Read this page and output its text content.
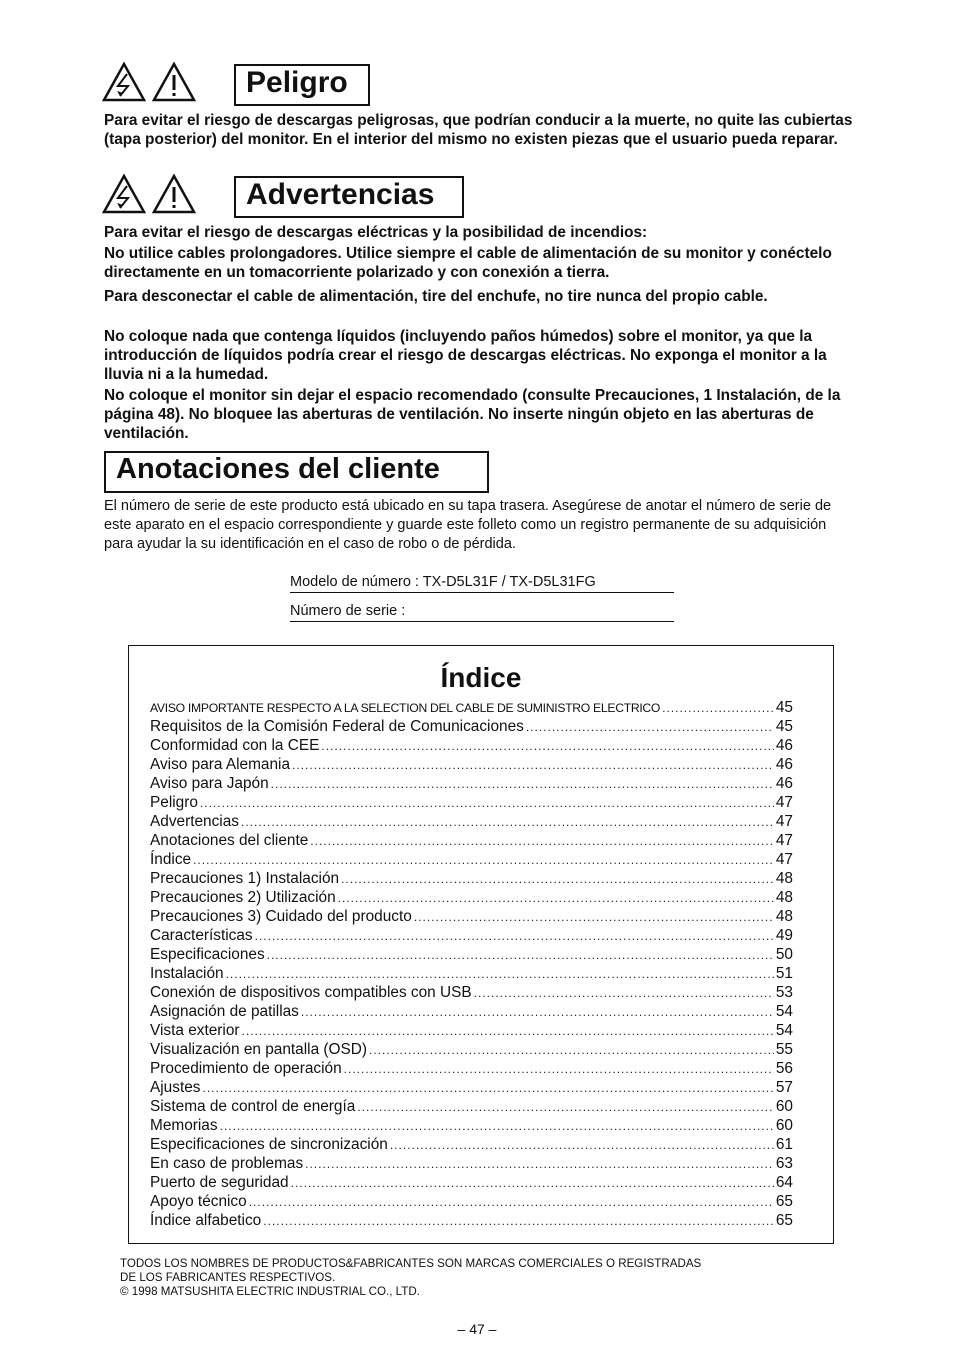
Peligro

Para evitar el riesgo de descargas peligrosas, que podrían conducir a la muerte, no quite las cubiertas (tapa posterior) del monitor. En el interior del mismo no existen piezas que el usuario pueda reparar.

Advertencias

Para evitar el riesgo de descargas eléctricas y la posibilidad de incendios:

No utilice cables prolongadores. Utilice siempre el cable de alimentación de su monitor y conéctelo directamente en un tomacorriente polarizado y con conexión a tierra.

Para desconectar el cable de alimentación, tire del enchufe, no tire nunca del propio cable.

No coloque nada que contenga líquidos (incluyendo paños húmedos) sobre el monitor, ya que la introducción de líquidos podría crear el riesgo de descargas eléctricas. No exponga el monitor a la lluvia ni a la humedad.

No coloque el monitor sin dejar el espacio recomendado (consulte Precauciones, 1 Instalación, de la página 48). No bloquee las aberturas de ventilación. No inserte ningún objeto en las aberturas de ventilación.

Anotaciones del cliente

El número de serie de este producto está ubicado en su tapa trasera. Asegúrese de anotar el número de serie de este aparato en el espacio correspondiente y guarde este folleto como un registro permanente de su adquisición para ayudar la su identificación en el caso de robo o de pérdida.

Modelo de número : TX-D5L31F / TX-D5L31FG
Número de serie :
Índice
AVISO IMPORTANTE RESPECTO A LA SELECTION DEL CABLE DE SUMINISTRO ELECTRICO .....	45
Requisitos de la Comisión Federal de Comunicaciones .....	45
Conformidad con la CEE .....	46
Aviso para Alemania .....	46
Aviso para Japón .....	46
Peligro .....	47
Advertencias .....	47
Anotaciones del cliente .....	47
Índice .....	47
Precauciones 1) Instalación .....	48
Precauciones 2) Utilización .....	48
Precauciones 3) Cuidado del producto .....	48
Características .....	49
Especificaciones .....	50
Instalación .....	51
Conexión de dispositivos compatibles con USB .....	53
Asignación de patillas .....	54
Vista exterior .....	54
Visualización en pantalla (OSD) .....	55
Procedimiento de operación .....	56
Ajustes .....	57
Sistema de control de energía .....	60
Memorias .....	60
Especificaciones de sincronización .....	61
En caso de problemas .....	63
Puerto de seguridad .....	64
Apoyo técnico .....	65
Índice alfabetico .....	65

TODOS LOS NOMBRES DE PRODUCTOS&FABRICANTES SON MARCAS COMERCIALES O REGISTRADAS
DE LOS FABRICANTES RESPECTIVOS.
© 1998 MATSUSHITA ELECTRIC INDUSTRIAL CO., LTD.

– 47 –
